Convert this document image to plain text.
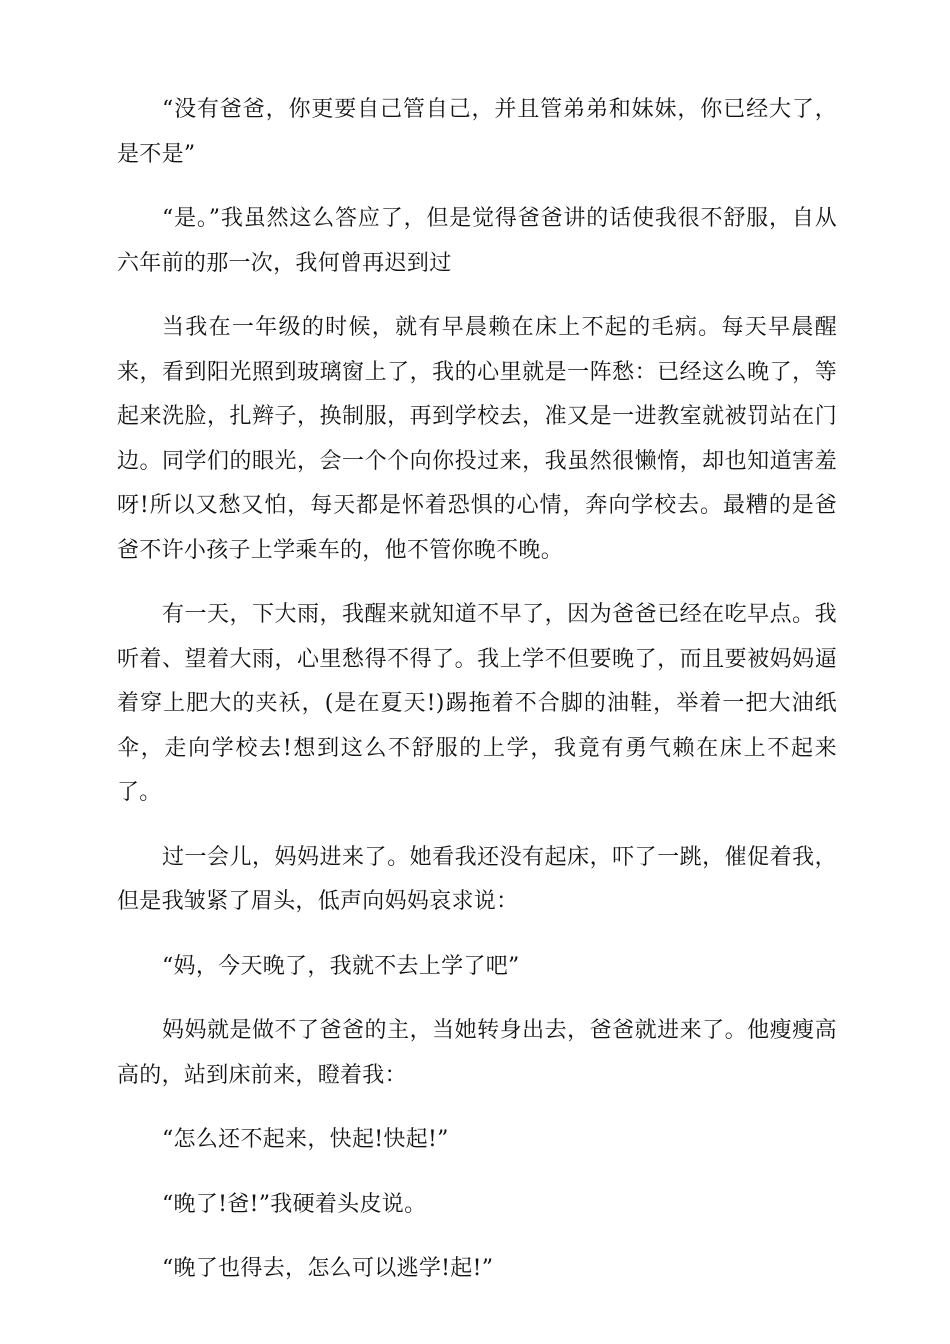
“没有爸爸，你更要自己管自己，并且管弟弟和妹妹，你已经大了，是不是”

“是。”我虽然这么答应了，但是觉得爸爸讲的话使我很不舒服，自从六年前的那一次，我何曾再迟到过

当我在一年级的时候，就有早晨赖在床上不起的毛病。每天早晨醒来，看到阳光照到玻璃窗上了，我的心里就是一阵愁：已经这么晚了，等起来洗脸，扎辫子，换制服，再到学校去，准又是一进教室就被罚站在门边。同学们的眼光，会一个个向你投过来，我虽然很懒惰，却也知道害羞呀!所以又愁又怕，每天都是怀着恐惧的心情，奔向学校去。最糟的是爸爸不许小孩子上学乘车的，他不管你晚不晚。

有一天，下大雨，我醒来就知道不早了，因为爸爸已经在吃早点。我听着、望着大雨，心里愁得不得了。我上学不但要晚了，而且要被妈妈逼着穿上肥大的夹袄，(是在夏天!)踢拖着不合脚的油鞋，举着一把大油纸伞，走向学校去!想到这么不舒服的上学，我竟有勇气赖在床上不起来了。

过一会儿，妈妈进来了。她看我还没有起床，吓了一跳，催促着我，但是我皱紧了眉头，低声向妈妈哀求说：

“妈，今天晚了，我就不去上学了吧”

妈妈就是做不了爸爸的主，当她转身出去，爸爸就进来了。他瘦瘦高高的，站到床前来，瞪着我：

“怎么还不起来，快起!快起!”

“晚了!爸!”我硬着头皮说。

“晚了也得去，怎么可以逃学!起!”
